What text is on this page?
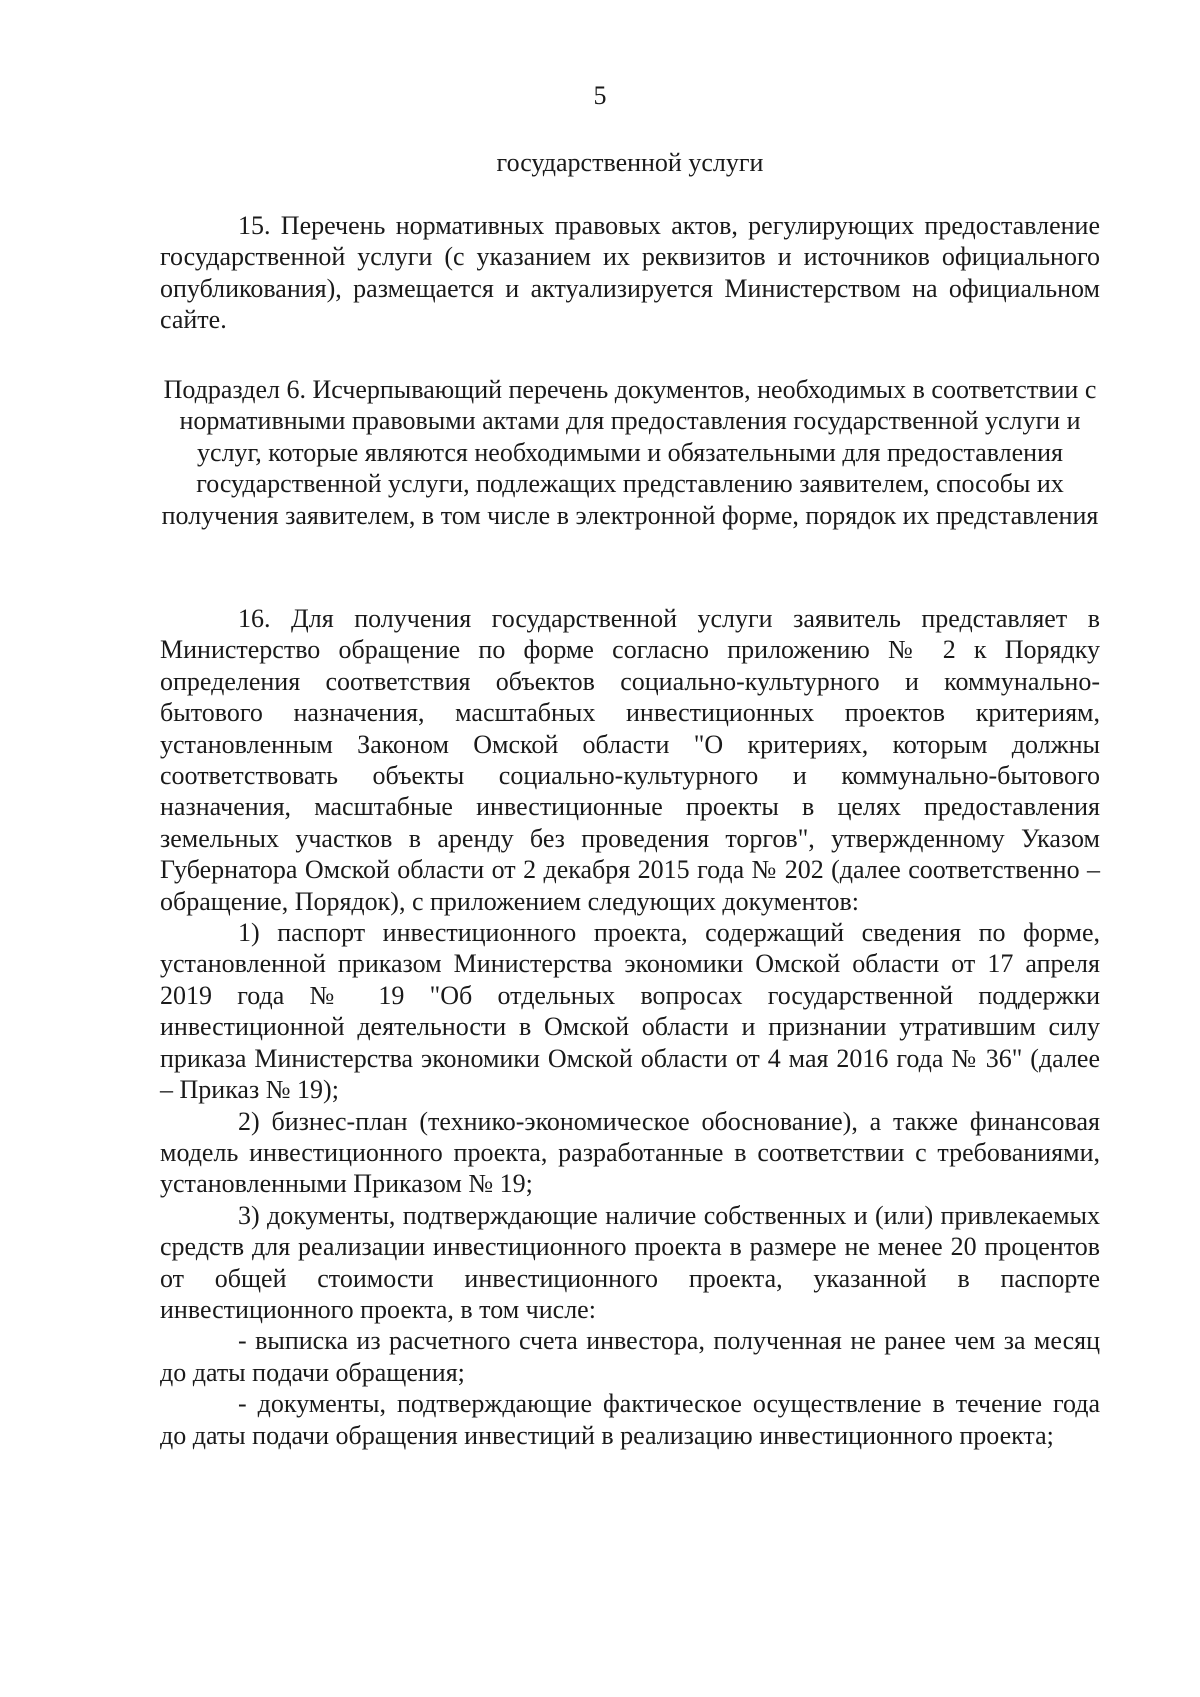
5
государственной услуги

15. Перечень нормативных правовых актов, регулирующих предоставление государственной услуги (с указанием их реквизитов и источников официального опубликования), размещается и актуализируется Министерством на официальном сайте.

Подраздел 6. Исчерпывающий перечень документов, необходимых в соответствии с нормативными правовыми актами для предоставления государственной услуги и услуг, которые являются необходимыми и обязательными для предоставления государственной услуги, подлежащих представлению заявителем, способы их получения заявителем, в том числе в электронной форме, порядок их представления

16. Для получения государственной услуги заявитель представляет в Министерство обращение по форме согласно приложению № 2 к Порядку определения соответствия объектов социально-культурного и коммунально-бытового назначения, масштабных инвестиционных проектов критериям, установленным Законом Омской области "О критериях, которым должны соответствовать объекты социально-культурного и коммунально-бытового назначения, масштабные инвестиционные проекты в целях предоставления земельных участков в аренду без проведения торгов", утвержденному Указом Губернатора Омской области от 2 декабря 2015 года № 202 (далее соответственно – обращение, Порядок), с приложением следующих документов:

1) паспорт инвестиционного проекта, содержащий сведения по форме, установленной приказом Министерства экономики Омской области от 17 апреля 2019 года № 19 "Об отдельных вопросах государственной поддержки инвестиционной деятельности в Омской области и признании утратившим силу приказа Министерства экономики Омской области от 4 мая 2016 года № 36" (далее – Приказ № 19);

2) бизнес-план (технико-экономическое обоснование), а также финансовая модель инвестиционного проекта, разработанные в соответствии с требованиями, установленными Приказом № 19;

3) документы, подтверждающие наличие собственных и (или) привлекаемых средств для реализации инвестиционного проекта в размере не менее 20 процентов от общей стоимости инвестиционного проекта, указанной в паспорте инвестиционного проекта, в том числе:

- выписка из расчетного счета инвестора, полученная не ранее чем за месяц до даты подачи обращения;

- документы, подтверждающие фактическое осуществление в течение года до даты подачи обращения инвестиций в реализацию инвестиционного проекта;
